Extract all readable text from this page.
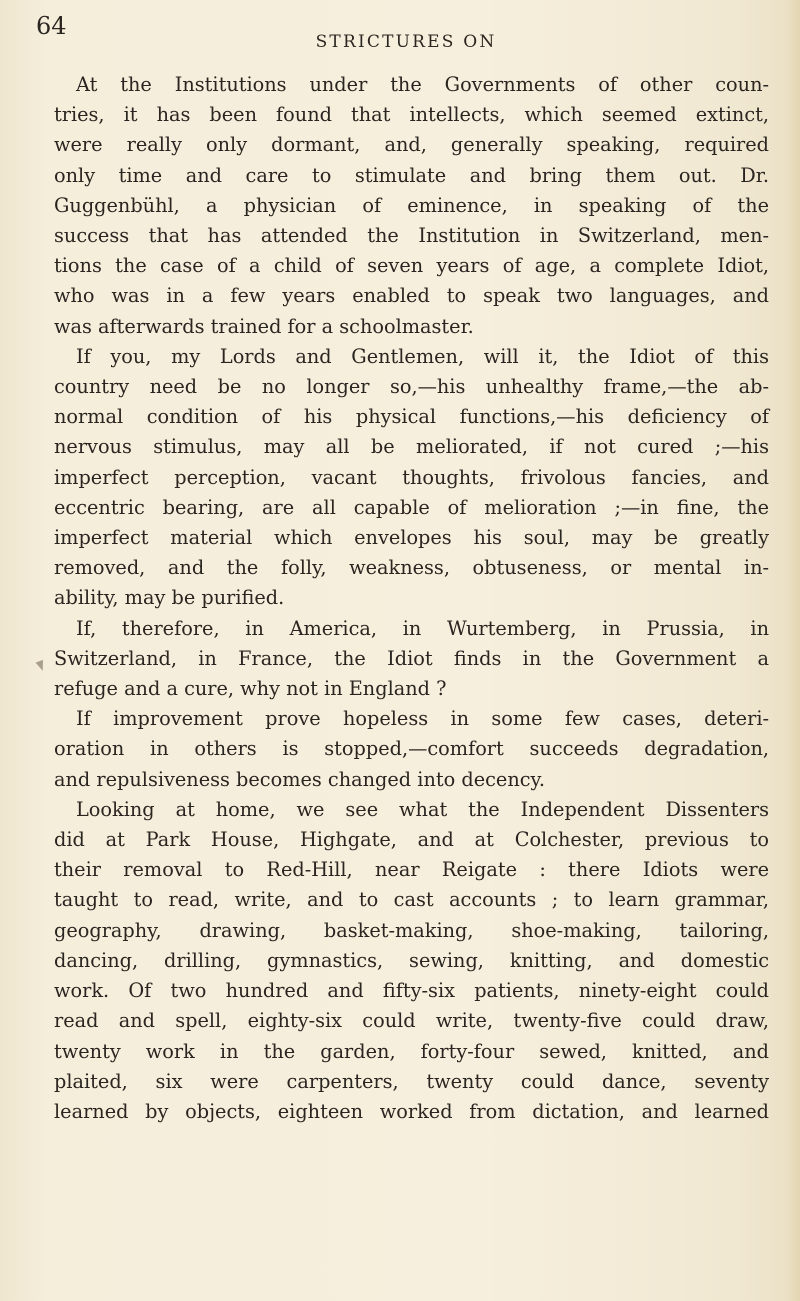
64
STRICTURES ON
At the Institutions under the Governments of other coun-
tries, it has been found that intellects, which seemed extinct,
were really only dormant, and, generally speaking, required
only time and care to stimulate and bring them out. Dr.
Guggenbühl, a physician of eminence, in speaking of the
success that has attended the Institution in Switzerland, men-
tions the case of a child of seven years of age, a complete Idiot,
who was in a few years enabled to speak two languages, and
was afterwards trained for a schoolmaster.
If you, my Lords and Gentlemen, will it, the Idiot of this
country need be no longer so,—his unhealthy frame,—the ab-
normal condition of his physical functions,—his deficiency of
nervous stimulus, may all be meliorated, if not cured ;—his
imperfect perception, vacant thoughts, frivolous fancies, and
eccentric bearing, are all capable of melioration ;—in fine, the
imperfect material which envelopes his soul, may be greatly
removed, and the folly, weakness, obtuseness, or mental in-
ability, may be purified.
If, therefore, in America, in Wurtemberg, in Prussia, in
Switzerland, in France, the Idiot finds in the Government a
refuge and a cure, why not in England ?
If improvement prove hopeless in some few cases, deteri-
oration in others is stopped,—comfort succeeds degradation,
and repulsiveness becomes changed into decency.
Looking at home, we see what the Independent Dissenters
did at Park House, Highgate, and at Colchester, previous to
their removal to Red-Hill, near Reigate : there Idiots were
taught to read, write, and to cast accounts ; to learn grammar,
geography, drawing, basket-making, shoe-making, tailoring,
dancing, drilling, gymnastics, sewing, knitting, and domestic
work. Of two hundred and fifty-six patients, ninety-eight could
read and spell, eighty-six could write, twenty-five could draw,
twenty work in the garden, forty-four sewed, knitted, and
plaited, six were carpenters, twenty could dance, seventy
learned by objects, eighteen worked from dictation, and learned
